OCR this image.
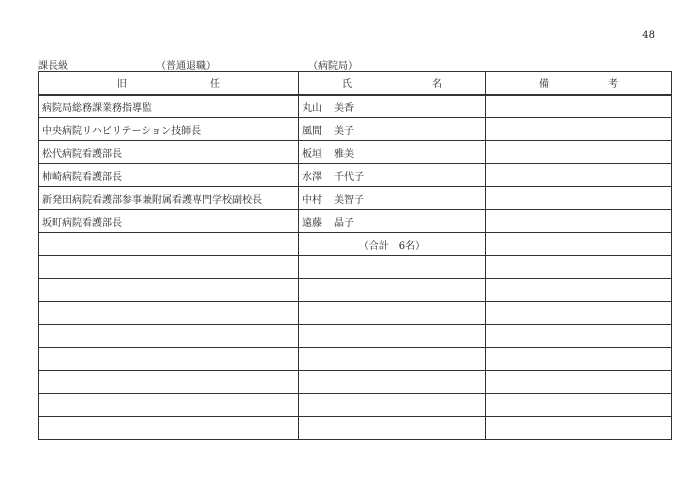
48
課長級	（普通退職）	（病院局）
旧 任	氏 名	備 考

病院局総務課業務指導監	丸山 美香	

中央病院リハビリテーション技師長	風間 美子	

松代病院看護部長	板垣 雅美	

柿崎病院看護部長	水澤 千代子	

新発田病院看護部参事兼附属看護専門学校副校長	中村 美智子	

坂町病院看護部長	遠藤 晶子	

	（合計　6名）	
